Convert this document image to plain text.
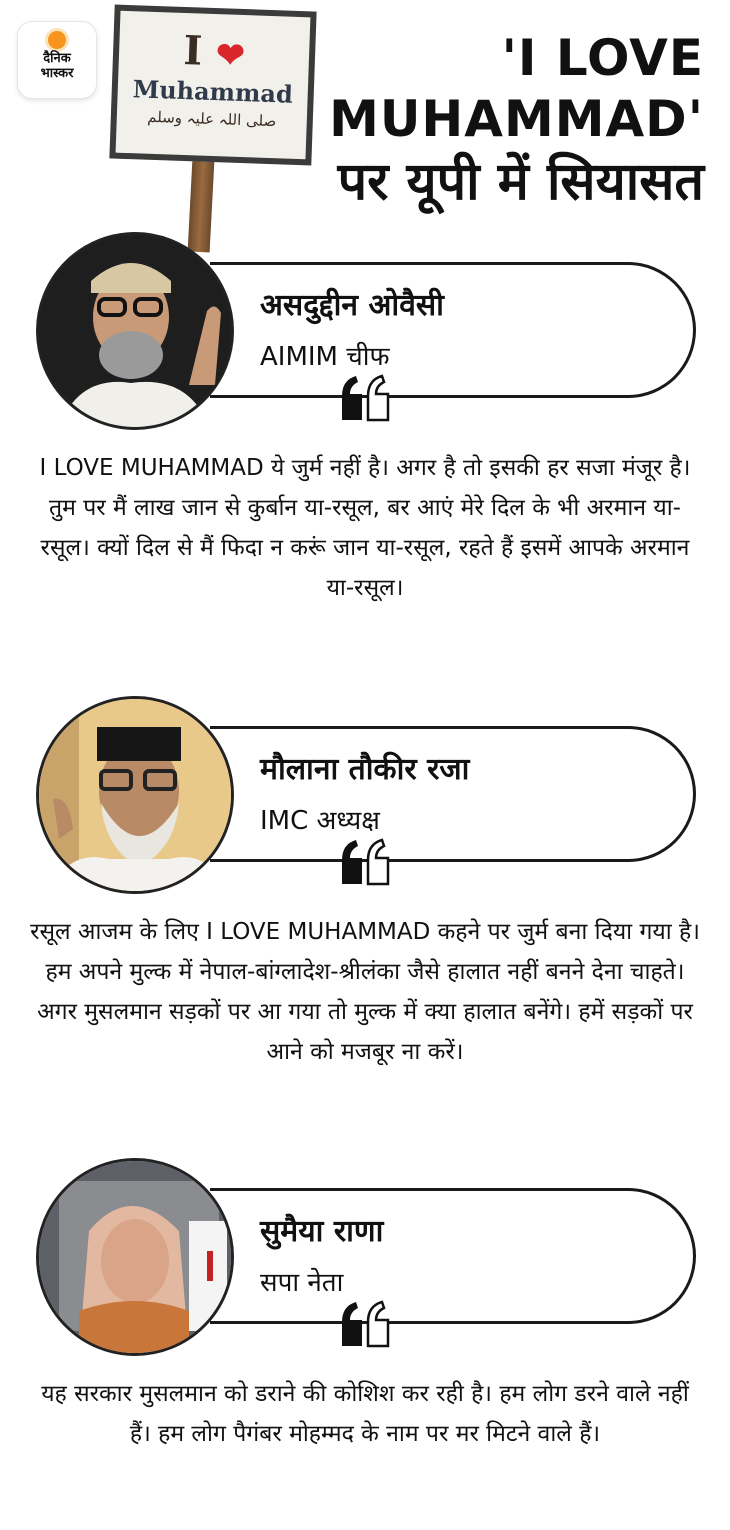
दैनिक
भास्कर	I ❤
Muhammad
صلی اللہ علیہ وسلم
'I LOVE
MUHAMMAD'
पर यूपी में सियासत
असदुद्दीन ओवैसी
AIMIM चीफ
I LOVE MUHAMMAD ये जुर्म नहीं है। अगर है तो इसकी हर सजा मंजूर है। तुम पर मैं लाख जान से कुर्बान या-रसूल, बर आएं मेरे दिल के भी अरमान या-रसूल। क्यों दिल से मैं फिदा न करूं जान या-रसूल, रहते हैं इसमें आपके अरमान या-रसूल।
मौलाना तौकीर रजा
IMC अध्यक्ष
रसूल आजम के लिए I LOVE MUHAMMAD कहने पर जुर्म बना दिया गया है। हम अपने मुल्क में नेपाल-बांग्लादेश-श्रीलंका जैसे हालात नहीं बनने देना चाहते। अगर मुसलमान सड़कों पर आ गया तो मुल्क में क्या हालात बनेंगे। हमें सड़कों पर आने को मजबूर ना करें।
सुमैया राणा
सपा नेता
यह सरकार मुसलमान को डराने की कोशिश कर रही है। हम लोग डरने वाले नहीं हैं। हम लोग पैगंबर मोहम्मद के नाम पर मर मिटने वाले हैं।
